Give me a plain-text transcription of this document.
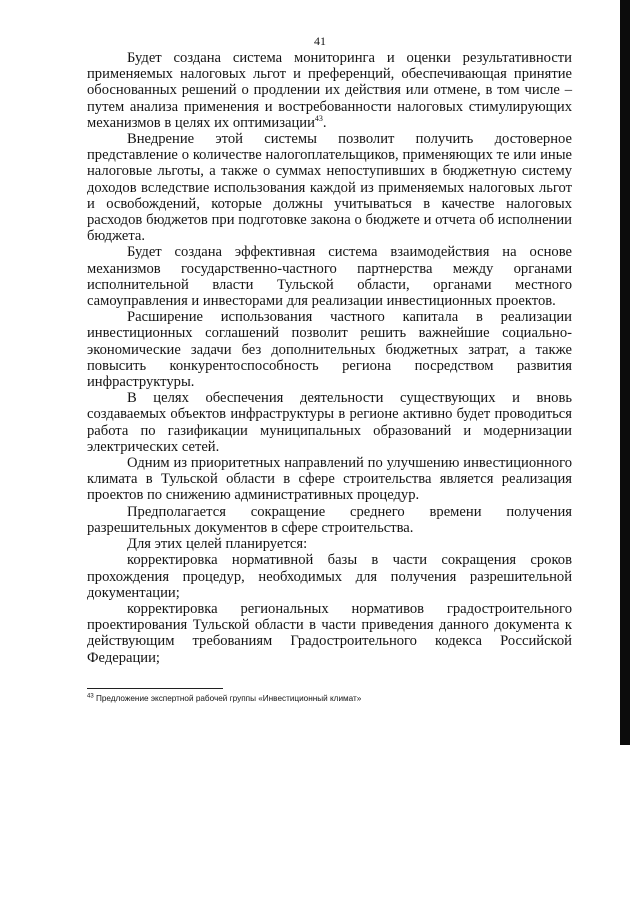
41

Будет создана система мониторинга и оценки результативности применяемых налоговых льгот и преференций, обеспечивающая принятие обоснованных решений о продлении их действия или отмене, в том числе – путем анализа применения и востребованности налоговых стимулирующих механизмов в целях их оптимизации$^{43}$.

Внедрение этой системы позволит получить достоверное представление о количестве налогоплательщиков, применяющих те или иные налоговые льготы, а также о суммах непоступивших в бюджетную систему доходов вследствие использования каждой из применяемых налоговых льгот и освобождений, которые должны учитываться в качестве налоговых расходов бюджетов при подготовке закона о бюджете и отчета об исполнении бюджета.

Будет создана эффективная система взаимодействия на основе механизмов государственно-частного партнерства между органами исполнительной власти Тульской области, органами местного самоуправления и инвесторами для реализации инвестиционных проектов.

Расширение использования частного капитала в реализации инвестиционных соглашений позволит решить важнейшие социально-экономические задачи без дополнительных бюджетных затрат, а также повысить конкурентоспособность региона посредством развития инфраструктуры.

В целях обеспечения деятельности существующих и вновь создаваемых объектов инфраструктуры в регионе активно будет проводиться работа по газификации муниципальных образований и модернизации электрических сетей.

Одним из приоритетных направлений по улучшению инвестиционного климата в Тульской области в сфере строительства является реализация проектов по снижению административных процедур.

Предполагается сокращение среднего времени получения разрешительных документов в сфере строительства.

Для этих целей планируется:

корректировка нормативной базы в части сокращения сроков прохождения процедур, необходимых для получения разрешительной документации;

корректировка региональных нормативов градостроительного проектирования Тульской области в части приведения данного документа к действующим требованиям Градостроительного кодекса Российской Федерации;

$^{43}$ Предложение экспертной рабочей группы «Инвестиционный климат»
